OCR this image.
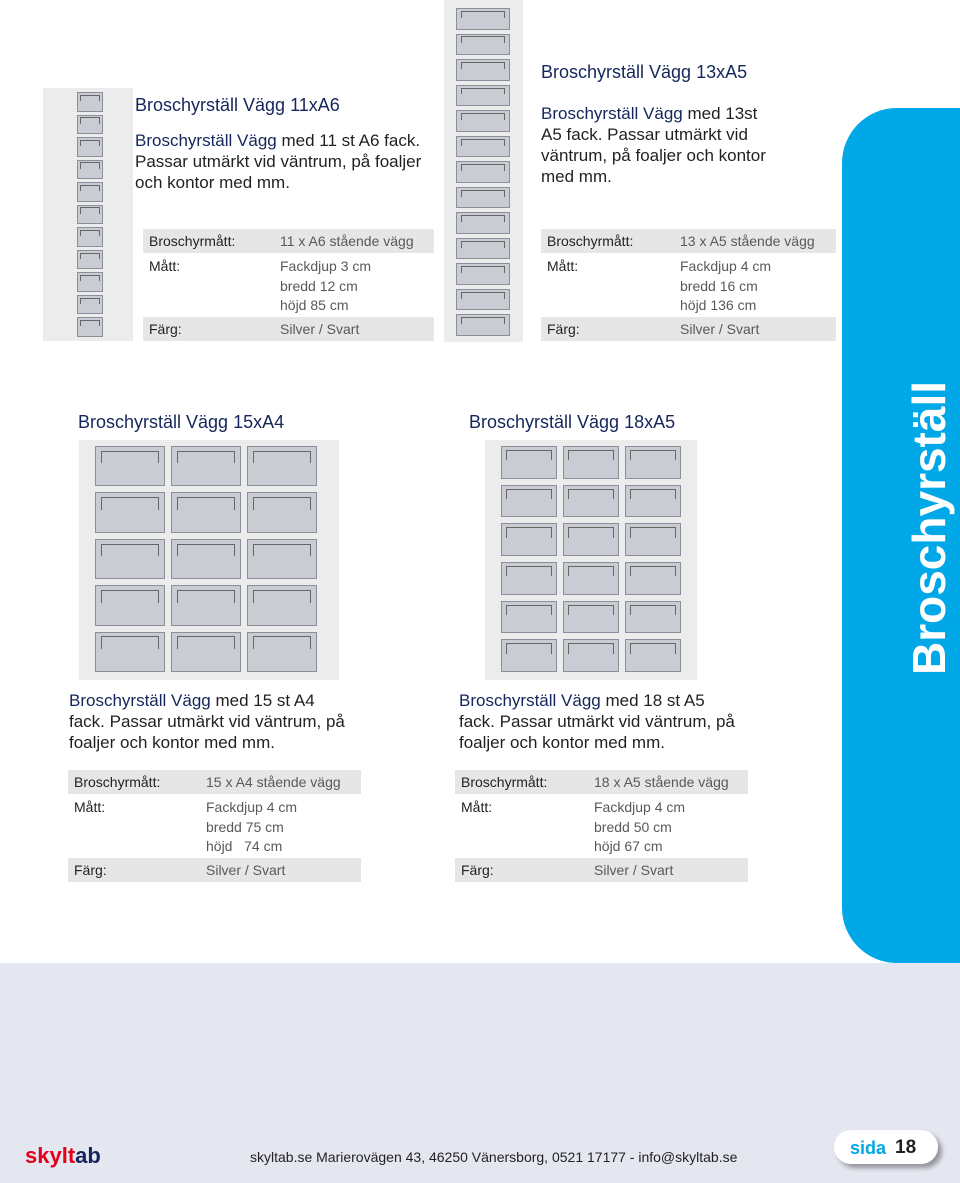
Broschyrställ
Broschyrställ Vägg 11xA6
Broschyrställ Vägg med 11 st A6 fack.
Passar utmärkt vid väntrum, på foaljer
och kontor med mm.
Broschyrmått:	11 x A6 stående vägg
Mått:	Fackdjup 3 cm
bredd 12 cm
höjd 85 cm
Färg:	Silver / Svart
Broschyrställ Vägg 13xA5
Broschyrställ Vägg med 13st
A5 fack. Passar utmärkt vid
väntrum, på foaljer och kontor
med mm.
Broschyrmått:	13 x A5 stående vägg
Mått:	Fackdjup 4 cm
bredd 16 cm
höjd 136 cm
Färg:	Silver / Svart
Broschyrställ Vägg 15xA4
Broschyrställ Vägg med 15 st A4
fack. Passar utmärkt vid väntrum, på
foaljer och kontor med mm.
Broschyrmått:	15 x A4 stående vägg
Mått:	Fackdjup 4 cm
bredd 75 cm
höjd   74 cm
Färg:	Silver / Svart
Broschyrställ Vägg 18xA5
Broschyrställ Vägg med 18 st A5
fack. Passar utmärkt vid väntrum, på
foaljer och kontor med mm.
Broschyrmått:	18 x A5 stående vägg
Mått:	Fackdjup 4 cm
bredd 50 cm
höjd 67 cm
Färg:	Silver / Svart
skyltab	skyltab.se Marierovägen 43, 46250 Vänersborg, 0521 17177 - info@skyltab.se	sida 18
